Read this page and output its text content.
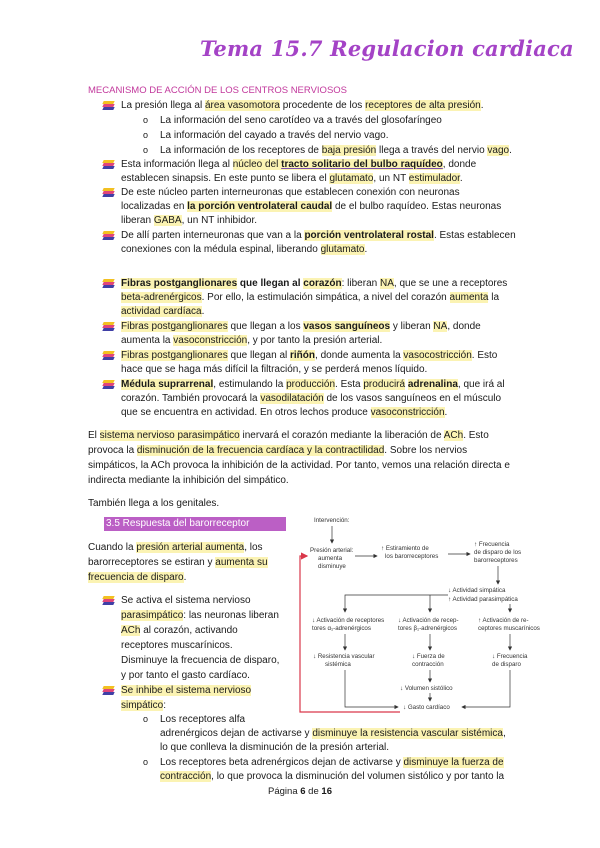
Tema 15.7 Regulacion cardiaca
MECANISMO DE ACCIÓN DE LOS CENTROS NERVIOSOS
La presión llega al área vasomotora procedente de los receptores de alta presión.
o La información del seno carotídeo va a través del glosofaríngeo
o La información del cayado a través del nervio vago.
o La información de los receptores de baja presión llega a través del nervio vago.
Esta información llega al núcleo del tracto solitario del bulbo raquídeo, donde
establecen sinapsis. En este punto se libera el glutamato, un NT estimulador.
De este núcleo parten interneuronas que establecen conexión con neuronas
localizadas en la porción ventrolateral caudal de el bulbo raquídeo. Estas neuronas
liberan GABA, un NT inhibidor.
De allí parten interneuronas que van a la porción ventrolateral rostal. Estas establecen
conexiones con la médula espinal, liberando glutamato.
Fibras postganglionares que llegan al corazón: liberan NA, que se une a receptores
beta-adrenérgicos. Por ello, la estimulación simpática, a nivel del corazón aumenta la
actividad cardíaca.
Fibras postganglionares que llegan a los vasos sanguíneos y liberan NA, donde
aumenta la vasoconstricción, y por tanto la presión arterial.
Fibras postganglionares que llegan al riñón, donde aumenta la vasocostricción. Esto
hace que se haga más difícil la filtración, y se perderá menos líquido.
Médula suprarrenal, estimulando la producción. Esta producirá adrenalina, que irá al
corazón. También provocará la vasodilatación de los vasos sanguíneos en el músculo
que se encuentra en actividad. En otros lechos produce vasoconstricción.
El sistema nervioso parasimpático inervará el corazón mediante la liberación de ACh. Esto
provoca la disminución de la frecuencia cardíaca y la contractilidad. Sobre los nervios
simpáticos, la ACh provoca la inhibición de la actividad. Por tanto, vemos una relación directa e
indirecta mediante la inhibición del simpático.
También llega a los genitales.
3.5 Respuesta del barorreceptor
Cuando la presión arterial aumenta, los
barorreceptores se estiran y aumenta su
frecuencia de disparo.
Se activa el sistema nervioso
parasimpático: las neuronas liberan
ACh al corazón, activando
receptores muscarínicos.
Disminuye la frecuencia de disparo,
y por tanto el gasto cardíaco.
Se inhibe el sistema nervioso
simpático:
o Los receptores alfa
adrenérgicos dejan de activarse y disminuye la resistencia vascular sistémica,
lo que conlleva la disminución de la presión arterial.
o Los receptores beta adrenérgicos dejan de activarse y disminuye la fuerza de
contracción, lo que provoca la disminución del volumen sistólico y por tanto la
Intervención:
Presión arterial:
aumenta
disminuye
↑ Estiramiento de
los barorreceptores
↑ Frecuencia
de disparo de los
barorreceptores
↓ Actividad simpática
↑ Actividad parasimpática
↓ Activación de receptores
tores α₁-adrenérgicos
↓ Activación de recep-
tores β₁-adrenérgicos
↑ Activación de re-
ceptores muscarínicos
↓ Resistencia vascular
sistémica
↓ Fuerza de
contracción
↓ Frecuencia
de disparo
↓ Volumen sistólico
↓ Gasto cardíaco
Página 6 de 16
